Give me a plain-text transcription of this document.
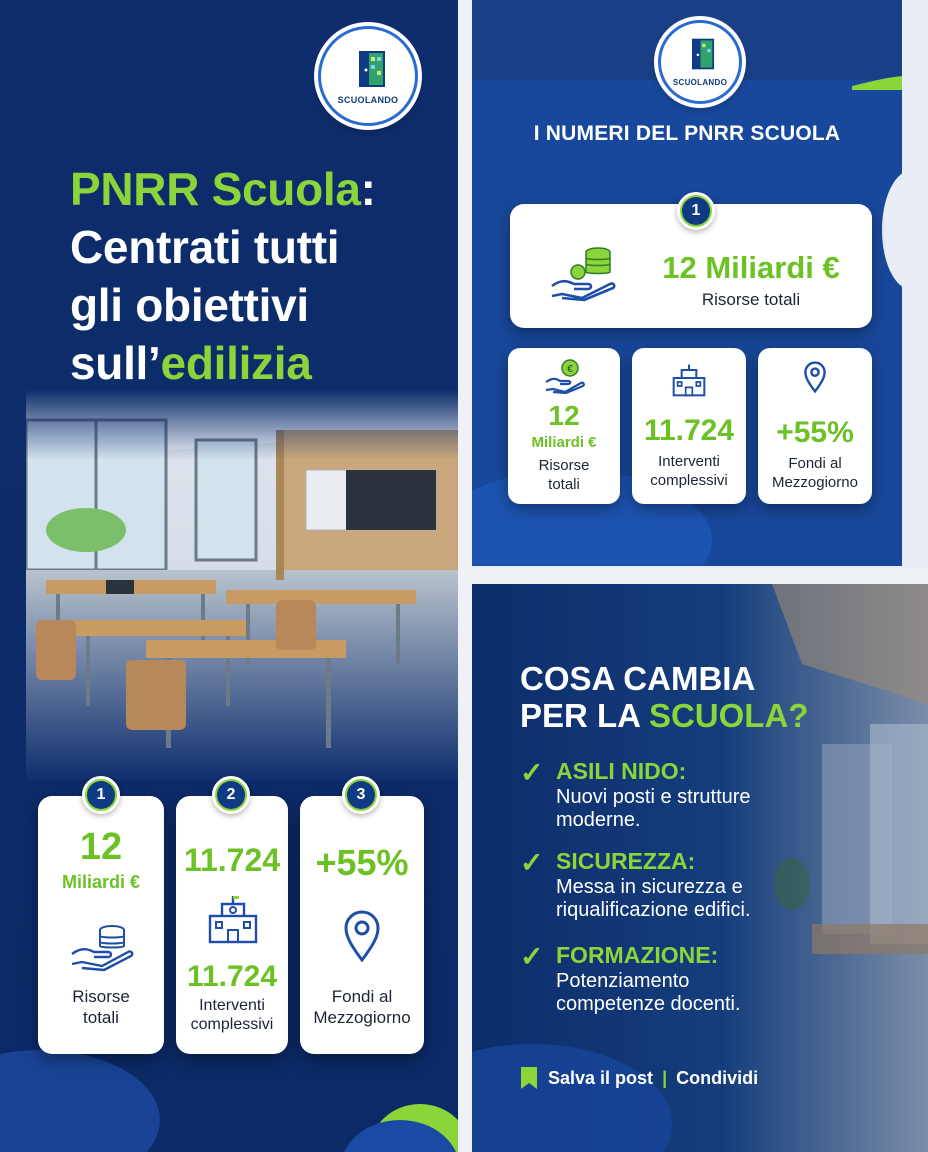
SCUOLANDO
PNRR Scuola:
Centrati tutti
gli obiettivi
sull’edilizia
12
Miliardi €
Risorse
totali
1
11.724
11.724
Interventi
complessivi
2
+55%
Fondi al
Mezzogiorno
3
SCUOLANDO
I NUMERI DEL PNRR SCUOLA
12 Miliardi €
Risorse totali
1
€
12
Miliardi €
Risorse
totali
11.724
Interventi
complessivi
+55%
Fondi al
Mezzogiorno
COSA CAMBIA
PER LA SCUOLA?
✓ ASILI NIDO:
Nuovi posti e strutture
moderne.
✓ SICUREZZA:
Messa in sicurezza e
riqualificazione edifici.
✓ FORMAZIONE:
Potenziamento
competenze docenti.
Salva il post | Condividi
